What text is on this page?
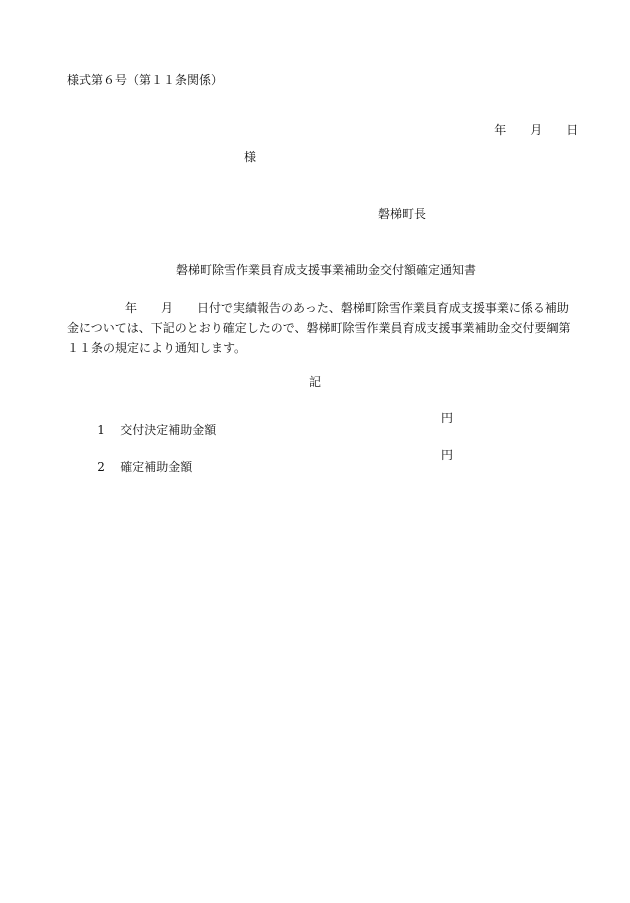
様式第６号（第１１条関係）

年 月 日

様
磐梯町長
磐梯町除雪作業員育成支援事業補助金交付額確定通知書
年 月 日付で実績報告のあった、磐梯町除雪作業員育成支援事業に係る補助
金については、下記のとおり確定したので、磐梯町除雪作業員育成支援事業補助金交付要綱第
１１条の規定により通知します。
記

1 交付決定補助金額

円

2 確定補助金額

円
